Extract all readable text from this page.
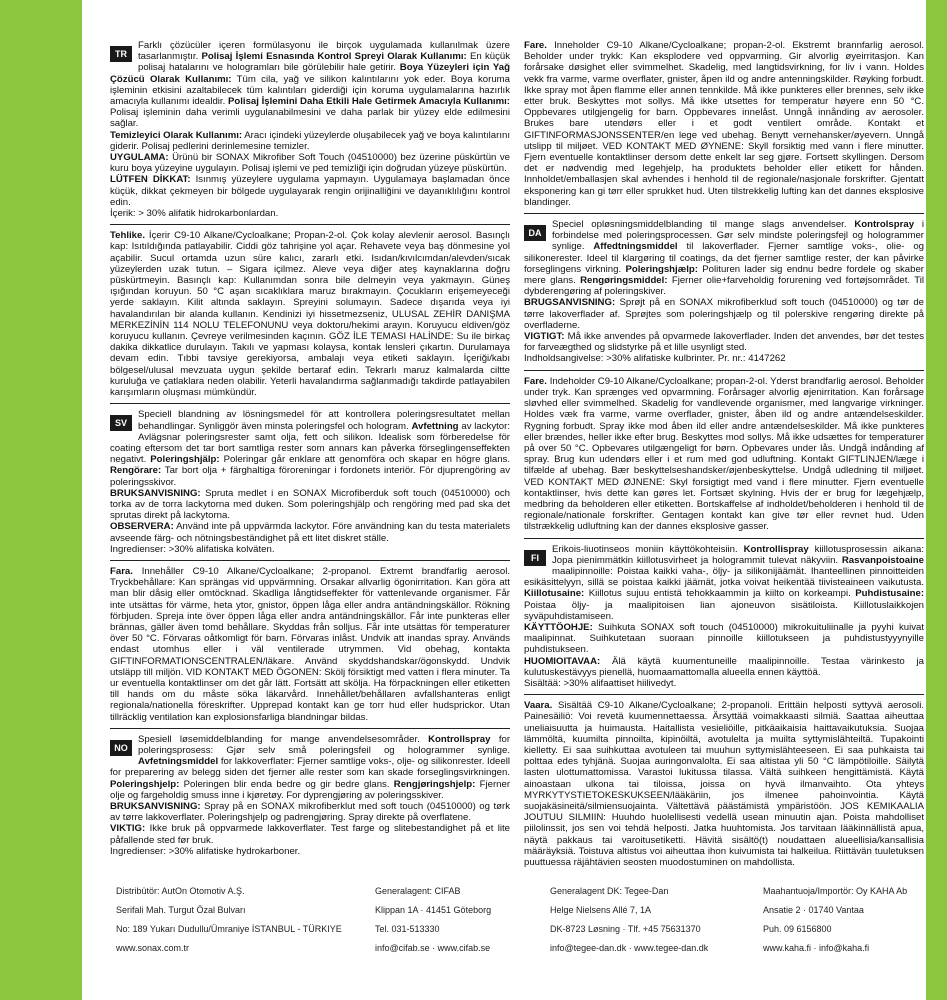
TR
Farklı çözücüler içeren formülasyonu ile birçok uygulamada kullanılmak üzere tasarlanmıştır. Polisaj İşlemi Esnasında Kontrol Spreyi Olarak Kullanımı: En küçük polisaj hatalarını ve hologramları bile görülebilir hale getirir. Boya Yüzeyleri için Yağ Çözücü Olarak Kullanımı: Tüm cila, yağ ve silikon kalıntılarını yok eder. Boya koruma işleminin etkisini azaltabilecek tüm kalıntıları giderdiği için koruma uygulamalarına hazırlık amacıyla kullanımı idealdir. Polisaj İşlemini Daha Etkili Hale Getirmek Amacıyla Kullanımı: Polisaj işleminin daha verimli uygulanabilmesini ve daha parlak bir yüzey elde edilmesini sağlar.
Temizleyici Olarak Kullanımı: Aracı içindeki yüzeylerde oluşabilecek yağ ve boya kalıntılarını giderir. Polisaj pedlerini derinlemesine temizler.
UYGULAMA: Ürünü bir SONAX Mikrofiber Soft Touch (04510000) bez üzerine püskürtün ve kuru boya yüzeyine uygulayın. Polisaj işlemi ve ped temizliği için doğrudan yüzeye püskürtün.
LÜTFEN DİKKAT: Isınmış yüzeylere uygulama yapmayın. Uygulamaya başlamadan önce küçük, dikkat çekmeyen bir bölgede uygulayarak rengin orijinalliğini ve dayanıklılığını kontrol edin.
İçerik: > 30% alifatik hidrokarbonlardan.

Tehlike. İçerir C9-10 Alkane/Cycloalkane; Propan-2-ol. Çok kolay alevlenir aerosol. Basınçlı kap: Isıtıldığında patlayabilir. Ciddi göz tahrişine yol açar. Rehavete veya baş dönmesine yol açabilir. Sucul ortamda uzun süre kalıcı, zararlı etki. Isıdan/kıvılcımdan/alevden/sıcak yüzeylerden uzak tutun. – Sigara içilmez. Aleve veya diğer ateş kaynaklarına doğru püskürtmeyin. Basınçlı kap: Kullanımdan sonra bile delmeyin veya yakmayın. Güneş ışığından koruyun. 50 °C aşan sıcaklıklara maruz bırakmayın. Çocukların erişemeyeceği yerde saklayın. Kilit altında saklayın. Spreyini solumayın. Sadece dışarıda veya iyi havalandırılan bir alanda kullanın. Kendinizi iyi hissetmezseniz, ULUSAL ZEHİR DANIŞMA MERKEZİNİN 114 NOLU TELEFONUNU veya doktoru/hekimi arayın. Koruyucu eldiven/göz koruyucu kullanın. Çevreye verilmesinden kaçının. GÖZ İLE TEMASI HALİNDE: Su ile birkaç dakika dikkatlice durulayın. Takılı ve yapması kolaysa, kontak lensleri çıkartın. Durulamaya devam edin. Tıbbi tavsiye gerekiyorsa, ambalajı veya etiketi saklayın. İçeriği/kabı bölgesel/ulusal mevzuata uygun şekilde bertaraf edin. Tekrarlı maruz kalmalarda ciltte kuruluğa ve çatlaklara neden olabilir. Yeterli havalandırma sağlanmadığı takdirde patlayabilen karışımların oluşması mümkündür.

SV
Speciell blandning av lösningsmedel för att kontrollera poleringsresultatet mellan behandlingar. Synliggör även minsta poleringsfel och hologram. Avfettning av lackytor: Avlägsnar poleringsrester samt olja, fett och silikon. Idealisk som förberedelse för coating eftersom det tar bort samtliga rester som annars kan påverka förseglingenseffekten negativt. Poleringshjälp: Poleringar går enklare att genomföra och skapar en högre glans. Rengörare: Tar bort olja + färghaltiga föroreningar i fordonets interiör. För djuprengöring av poleringsskivor.
BRUKSANVISNING: Spruta medlet i en SONAX Microfiberduk soft touch (04510000) och torka av de torra lackytorna med duken. Som poleringshjälp och rengöring med pad ska det sprutas direkt på lackytorna.
OBSERVERA: Använd inte på uppvärmda lackytor. Före användning kan du testa materialets avseende färg- och nötningsbeständighet på ett litet diskret ställe.
Ingredienser: >30% alifatiska kolväten.

Fara. Innehåller C9-10 Alkane/Cycloalkane; 2-propanol. Extremt brandfarlig aerosol. Tryckbehållare: Kan sprängas vid uppvärmning. Orsakar allvarlig ögonirritation. Kan göra att man blir dåsig eller omtöcknad. Skadliga långtidseffekter för vattenlevande organismer. Får inte utsättas för värme, heta ytor, gnistor, öppen låga eller andra antändningskällor. Rökning förbjuden. Spreja inte över öppen låga eller andra antändningskällor. Får inte punkteras eller brännas, gäller även tomd behållare. Skyddas från solljus. Får inte utsättas för temperaturer över 50 °C. Förvaras oåtkomligt för barn. Förvaras inlåst. Undvik att inandas spray. Används endast utomhus eller i väl ventilerade utrymmen. Vid obehag, kontakta GIFTINFORMATIONSCENTRALEN/läkare. Använd skyddshandskar/ögonskydd. Undvik utsläpp till miljön. VID KONTAKT MED ÖGONEN: Skölj försiktigt med vatten i flera minuter. Ta ur eventuella kontaktlinser om det går lätt. Fortsätt att skölja. Ha förpackningen eller etiketten till hands om du måste söka läkarvård. Innehållet/behållaren avfallshanteras enligt regionala/nationella föreskrifter. Upprepad kontakt kan ge torr hud eller hudsprickor. Utan tillräcklig ventilation kan explosionsfarliga blandningar bildas.

NO
Spesiell løsemiddelblanding for mange anvendelsesområder. Kontrollspray for poleringsprosess: Gjør selv små poleringsfeil og hologrammer synlige. Avfetningsmiddel for lakkoverflater: Fjerner samtlige voks-, olje- og silikonrester. Ideell for preparering av belegg siden det fjerner alle rester som kan skade forseglingsvirkningen. Poleringshjelp: Poleringen blir enda bedre og gir bedre glans. Rengjøringshjelp: Fjerner olje og fargeholdig smuss inne i kjøretøy. For dyprengjøring av poleringsskiver.
BRUKSANVISNING: Spray på en SONAX mikrofiberklut med soft touch (04510000) og tørk av tørre lakkoverflater. Poleringshjelp og padrengjøring. Spray direkte på overflatene.
VIKTIG: Ikke bruk på oppvarmede lakkoverflater. Test farge og slitebestandighet på et lite påfallende sted før bruk.
Ingredienser: >30% alifatiske hydrokarboner.

Fare. Inneholder C9-10 Alkane/Cycloalkane; propan-2-ol. Ekstremt brannfarlig aerosol. Beholder under trykk: Kan eksplodere ved oppvarming. Gir alvorlig øyeirritasjon. Kan forårsake døsighet eller svimmelhet. Skadelig, med langtidsvirkning, for liv i vann. Holdes vekk fra varme, varme overflater, gnister, åpen ild og andre antenningskilder. Røyking forbudt. Ikke spray mot åpen flamme eller annen tennkilde. Må ikke punkteres eller brennes, selv ikke etter bruk. Beskyttes mot sollys. Må ikke utsettes for temperatur høyere enn 50 °C. Oppbevares utilgjengelig for barn. Oppbevares innelåst. Unngå innånding av aerosoler. Brukes bare utendørs eller i et godt ventilert område. Kontakt et GIFTINFORMASJONSSENTER/en lege ved ubehag. Benytt vernehansker/øyevern. Unngå utslipp til miljøet. VED KONTAKT MED ØYNENE: Skyll forsiktig med vann i flere minutter. Fjern eventuelle kontaktlinser dersom dette enkelt lar seg gjøre. Fortsett skyllingen. Dersom det er nødvendig med legehjelp, ha produktets beholder eller etikett for hånden. Innholdet/emballasjen skal avhendes i henhold til de regionale/nasjonale forskrifter. Gjentatt eksponering kan gi tørr eller sprukket hud. Uten tilstrekkelig lufting kan det dannes eksplosive blandinger.

DA
Speciel opløsningsmiddelblanding til mange slags anvendelser. Kontrolspray i forbindelse med poleringsprocessen. Gør selv mindste poleringsfejl og hologrammer synlige. Affedtningsmiddel til lakoverflader. Fjerner samtlige voks-, olie- og silikonerester. Ideel til klargøring til coatings, da det fjerner samtlige rester, der kan påvirke forseglingens virkning. Poleringshjælp: Polituren lader sig endnu bedre fordele og skaber mere glans. Rengøringsmiddel: Fjerner olie+farveholdig forurening ved fortøjsområdet. Til dybderengøring af poleringskiver.
BRUGSANVISNING: Sprøjt på en SONAX mikrofiberklud soft touch (04510000) og tør de tørre lakoverflader af. Sprøjtes som poleringshjælp og til polerskive rengøring direkte på overfladerne.
VIGTIGT: Må ikke anvendes på opvarmede lakoverflader. Inden det anvendes, bør det testes for farveægthed og slidstyrke på et lille usynligt sted.
Indholdsangivelse: >30% alifatiske kulbrinter. Pr. nr.: 4147262

Fare. Indeholder C9-10 Alkane/Cycloalkane; propan-2-ol. Yderst brandfarlig aerosol. Beholder under tryk. Kan sprænges ved opvarmning. Forårsager alvorlig øjenirritation. Kan forårsage sløvhed eller svimmelhed. Skadelig for vandlevende organismer, med langvarige virkninger. Holdes væk fra varme, varme overflader, gnister, åben ild og andre antændelseskilder. Rygning forbudt. Spray ikke mod åben ild eller andre antændelseskilder. Må ikke punkteres eller brændes, heller ikke efter brug. Beskyttes mod sollys. Må ikke udsættes for temperaturer på over 50 °C. Opbevares utilgængeligt for børn. Opbevares under lås. Undgå indånding af spray. Brug kun udendørs eller i et rum med god udluftning. Kontakt GIFTLINJEN/læge i tilfælde af ubehag. Bær beskyttelseshandsker/øjenbeskyttelse. Undgå udledning til miljøet. VED KONTAKT MED ØJNENE: Skyl forsigtigt med vand i flere minutter. Fjern eventuelle kontaktlinser, hvis dette kan gøres let. Fortsæt skylning. Hvis der er brug for lægehjælp, medbring da beholderen eller etiketten. Bortskaffelse af indholdet/beholderen i henhold til de regionale/nationale forskrifter. Gentagen kontakt kan give tør eller revnet hud. Uden tilstrækkelig udluftning kan der dannes eksplosive gasser.

FI
Erikois-liuotinseos moniin käyttökohteisiin. Kontrollispray kiillotusprosessin aikana: Jopa pienimmätkin kiillotusvirheet ja hologrammit tulevat näkyviin. Rasvanpoistoaine maalipinnoille: Poistaa kaikki vaha-, öljy- ja silikonijäämät. Ihanteellinen pinnoitteiden esikäsittelyyn, sillä se poistaa kaikki jäämät, jotka voivat heikentää tiivisteaineen vaikutusta. Kiillotusaine: Kiillotus sujuu entistä tehokkaammin ja kiilto on korkeampi. Puhdistusaine: Poistaa öljy- ja maalipitoisen lian ajoneuvon sisätiloista. Kiillotuslaikkojen syväpuhdistamiseen.
KÄYTTÖOHJE: Suihkuta SONAX soft touch (04510000) mikrokuituliinalle ja pyyhi kuivat maalipinnat. Suihkutetaan suoraan pinnoille kiillotukseen ja puhdistustyyynyille puhdistukseen.
HUOMIOITAVAA: Älä käytä kuumentuneille maalipinnoille. Testaa värinkesto ja kulutuskestävyys pienellä, huomaamattomalla alueella ennen käyttöä.
Sisältää: >30% alifaattiset hiilivedyt.

Vaara. Sisältää C9-10 Alkane/Cycloalkane; 2-propanoli. Erittäin helposti syttyvä aerosoli. Painesäiliö: Voi revetä kuumennettaessa. Ärsyttää voimakkaasti silmiä. Saattaa aiheuttaa uneliaisuutta ja huimausta. Haitallista vesieliöille, pitkäaikaisia haittavaikutuksia. Suojaa lämmöltä, kuumilta pinnoilta, kipinöiltä, avotulelta ja muilta syttymislähteiltä. Tupakointi kielletty. Ei saa suihkuttaa avotuleen tai muuhun syttymislähteeseen. Ei saa puhkaista tai polttaa edes tyhjänä. Suojaa auringonvalolta. Ei saa altistaa yli 50 °C lämpötiloille. Säilytä lasten ulottumattomissa. Varastoi lukitussa tilassa. Vältä suihkeen hengittämistä. Käytä ainoastaan ulkona tai tiloissa, joissa on hyvä ilmanvaihto. Ota yhteys MYRKYTYSTIETOKESKUKSEEN/lääkäriin, jos ilmenee pahoinvointia. Käytä suojakäsineitä/silmiensuojainta. Vältettävä päästämistä ympäristöön. JOS KEMIKAALIA JOUTUU SILMIIN: Huuhdo huolellisesti vedellä usean minuutin ajan. Poista mahdolliset piilolinssit, jos sen voi tehdä helposti. Jatka huuhtomista. Jos tarvitaan lääkinnällistä apua, näytä pakkaus tai varoitusetiketti. Hävitä sisältö(t) noudattaen alueellisia/kansallisia määräyksiä. Toistuva altistus voi aiheuttaa ihon kuivumista tai halkeilua. Riittävän tuuletuksen puuttuessa räjähtävien seosten muodostuminen on mahdollista.

Distribütör: AutOn Otomotiv A.Ş.
Serifali Mah. Turgut Özal Bulvarı
No: 189 Yukarı Dudullu/Ümraniye İSTANBUL - TÜRKIYE
www.sonax.com.tr
Generalagent: CIFAB
Klippan 1A · 41451 Göteborg
Tel. 031-513330
info@cifab.se · www.cifab.se
Generalagent DK: Tegee-Dan
Helge Nielsens Allé 7, 1A
DK-8723 Løsning · Tlf. +45 75631370
info@tegee-dan.dk · www.tegee-dan.dk
Maahantuoja/Importör: Oy KAHA Ab
Ansatie 2 · 01740 Vantaa
Puh. 09 6156800
www.kaha.fi · info@kaha.fi
